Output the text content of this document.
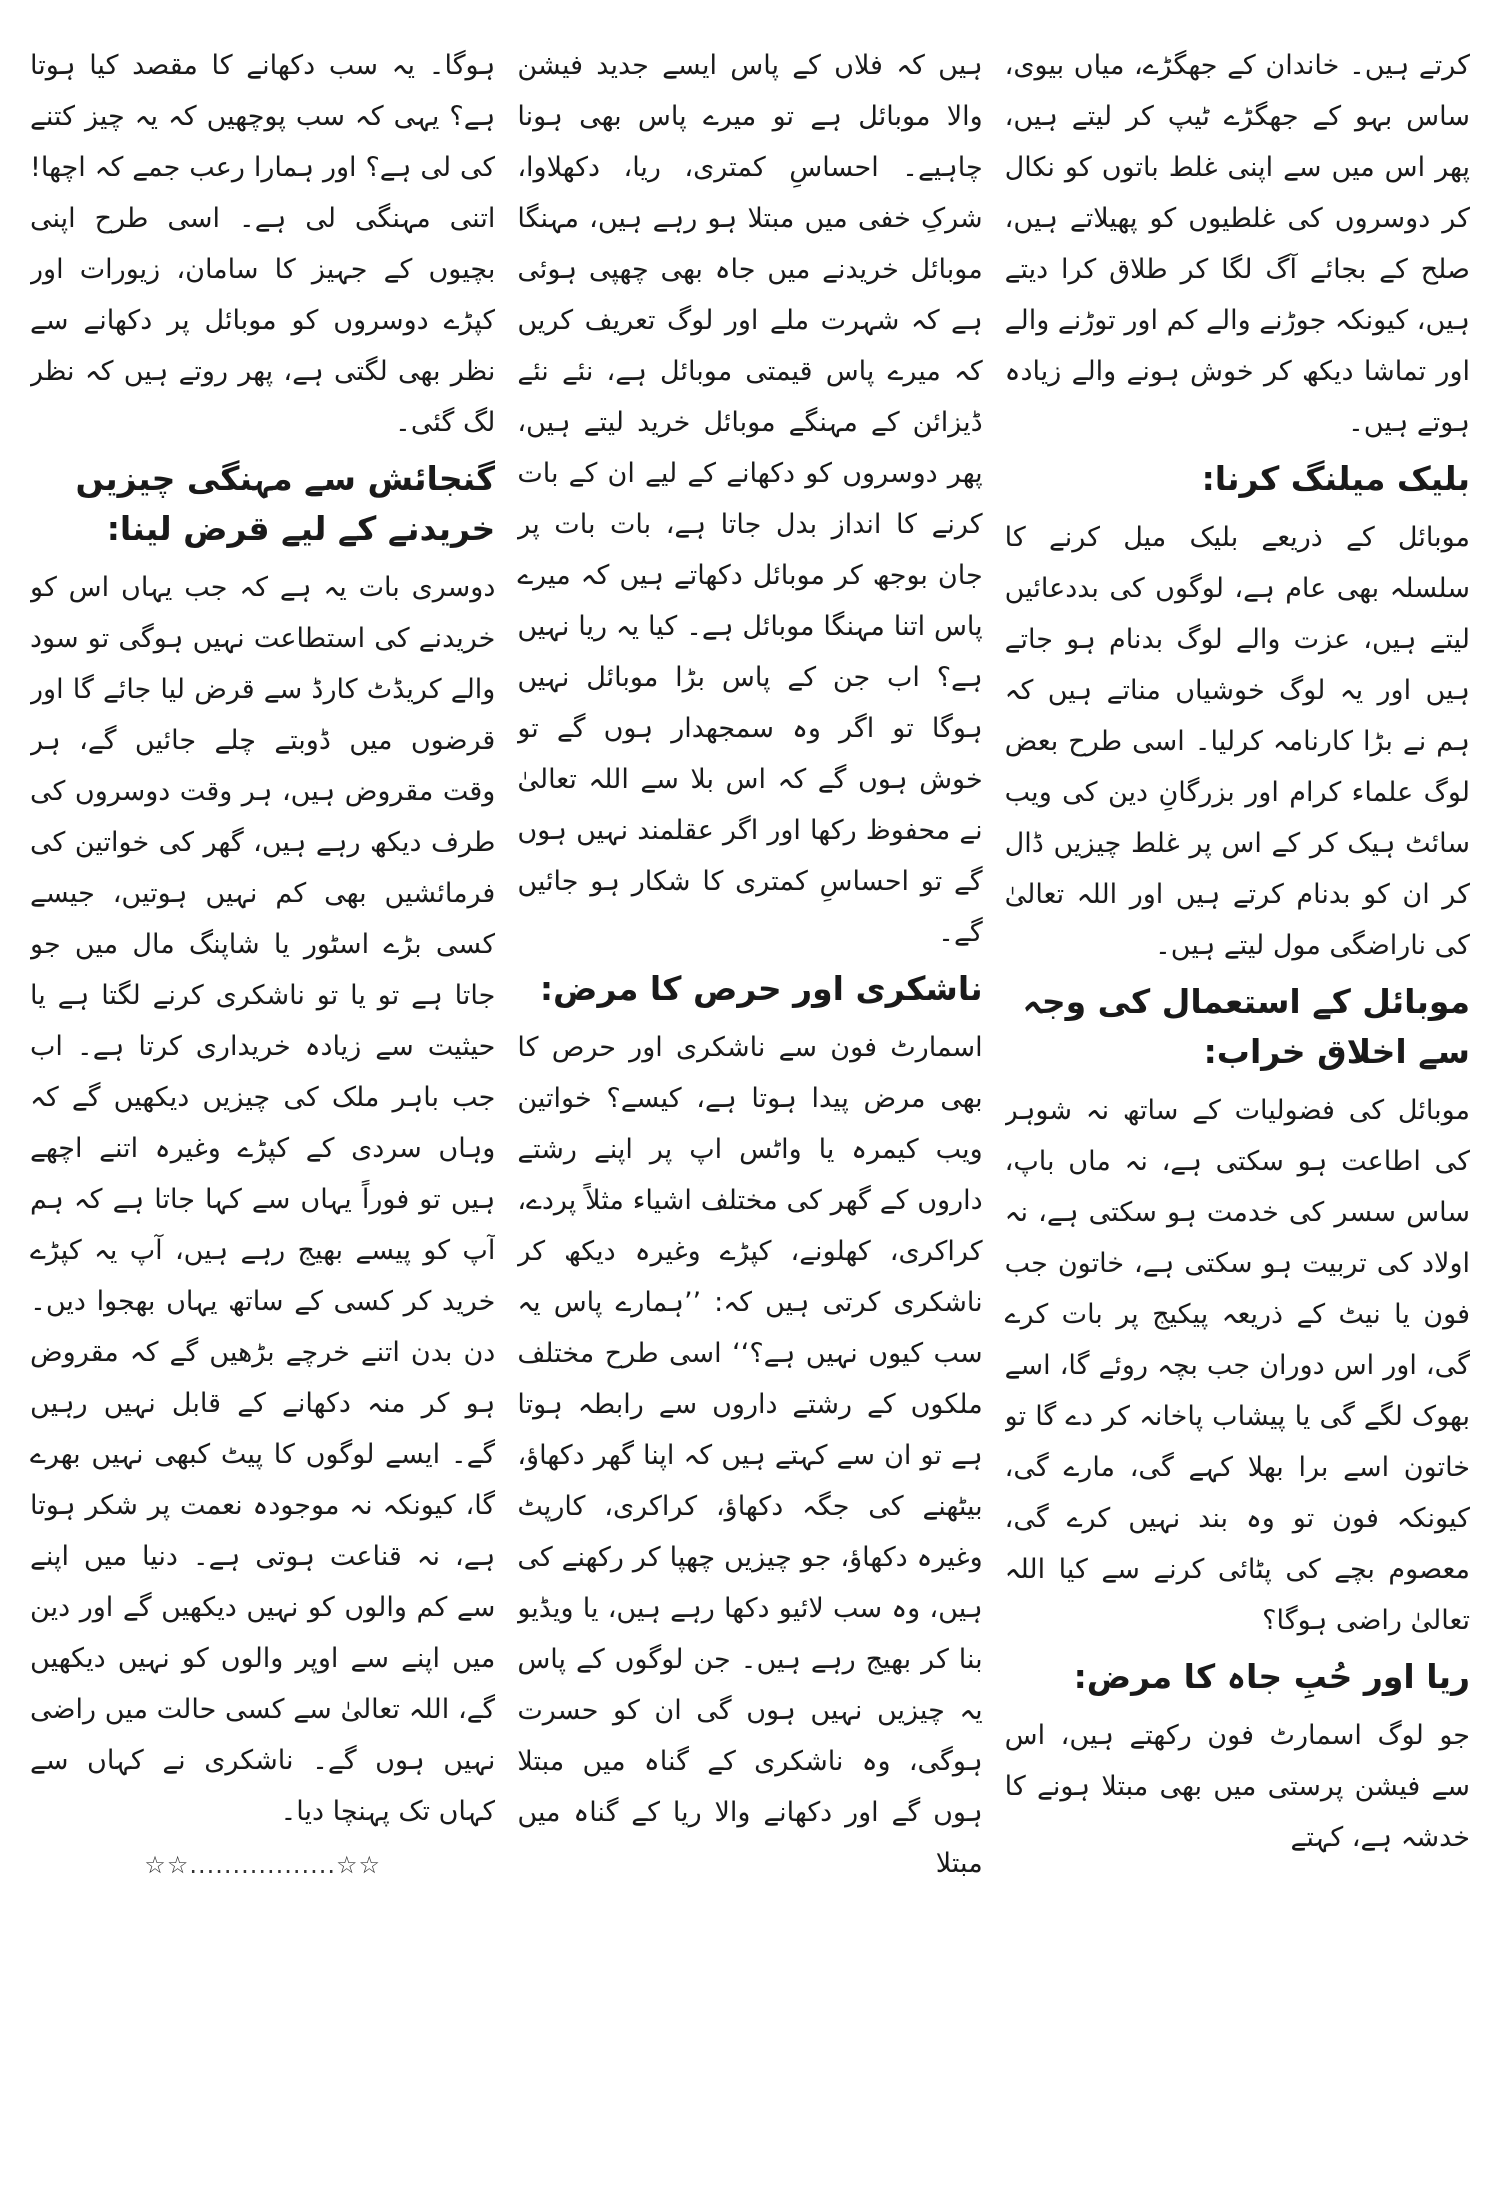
کرتے ہیں۔ خاندان کے جھگڑے، میاں بیوی، ساس بہو کے جھگڑے ٹیپ کر لیتے ہیں، پھر اس میں سے اپنی غلط باتوں کو نکال کر دوسروں کی غلطیوں کو پھیلاتے ہیں، صلح کے بجائے آگ لگا کر طلاق کرا دیتے ہیں، کیونکہ جوڑنے والے کم اور توڑنے والے اور تماشا دیکھ کر خوش ہونے والے زیادہ ہوتے ہیں۔

بلیک میلنگ کرنا:

موبائل کے ذریعے بلیک میل کرنے کا سلسلہ بھی عام ہے، لوگوں کی بددعائیں لیتے ہیں، عزت والے لوگ بدنام ہو جاتے ہیں اور یہ لوگ خوشیاں مناتے ہیں کہ ہم نے بڑا کارنامہ کرلیا۔ اسی طرح بعض لوگ علماء کرام اور بزرگانِ دین کی ویب سائٹ ہیک کر کے اس پر غلط چیزیں ڈال کر ان کو بدنام کرتے ہیں اور اللہ تعالیٰ کی ناراضگی مول لیتے ہیں۔

موبائل کے استعمال کی وجہ سے اخلاق خراب:

موبائل کی فضولیات کے ساتھ نہ شوہر کی اطاعت ہو سکتی ہے، نہ ماں باپ، ساس سسر کی خدمت ہو سکتی ہے، نہ اولاد کی تربیت ہو سکتی ہے، خاتون جب فون یا نیٹ کے ذریعہ پیکیج پر بات کرے گی، اور اس دوران جب بچہ روئے گا، اسے بھوک لگے گی یا پیشاب پاخانہ کر دے گا تو خاتون اسے برا بھلا کہے گی، مارے گی، کیونکہ فون تو وہ بند نہیں کرے گی، معصوم بچے کی پٹائی کرنے سے کیا اللہ تعالیٰ راضی ہوگا؟

ریا اور حُبِ جاہ کا مرض:

جو لوگ اسمارٹ فون رکھتے ہیں، اس سے فیشن پرستی میں بھی مبتلا ہونے کا خدشہ ہے، کہتے

ہیں کہ فلاں کے پاس ایسے جدید فیشن والا موبائل ہے تو میرے پاس بھی ہونا چاہیے۔ احساسِ کمتری، ریا، دکھلاوا، شرکِ خفی میں مبتلا ہو رہے ہیں، مہنگا موبائل خریدنے میں جاہ بھی چھپی ہوئی ہے کہ شہرت ملے اور لوگ تعریف کریں کہ میرے پاس قیمتی موبائل ہے، نئے نئے ڈیزائن کے مہنگے موبائل خرید لیتے ہیں، پھر دوسروں کو دکھانے کے لیے ان کے بات کرنے کا انداز بدل جاتا ہے، بات بات پر جان بوجھ کر موبائل دکھاتے ہیں کہ میرے پاس اتنا مہنگا موبائل ہے۔ کیا یہ ریا نہیں ہے؟ اب جن کے پاس بڑا موبائل نہیں ہوگا تو اگر وہ سمجھدار ہوں گے تو خوش ہوں گے کہ اس بلا سے اللہ تعالیٰ نے محفوظ رکھا اور اگر عقلمند نہیں ہوں گے تو احساسِ کمتری کا شکار ہو جائیں گے۔

ناشکری اور حرص کا مرض:

اسمارٹ فون سے ناشکری اور حرص کا بھی مرض پیدا ہوتا ہے، کیسے؟ خواتین ویب کیمرہ یا واٹس اپ پر اپنے رشتے داروں کے گھر کی مختلف اشیاء مثلاً پردے، کراکری، کھلونے، کپڑے وغیرہ دیکھ کر ناشکری کرتی ہیں کہ: ’’ہمارے پاس یہ سب کیوں نہیں ہے؟‘‘ اسی طرح مختلف ملکوں کے رشتے داروں سے رابطہ ہوتا ہے تو ان سے کہتے ہیں کہ اپنا گھر دکھاؤ، بیٹھنے کی جگہ دکھاؤ، کراکری، کارپٹ وغیرہ دکھاؤ، جو چیزیں چھپا کر رکھنے کی ہیں، وہ سب لائیو دکھا رہے ہیں، یا ویڈیو بنا کر بھیج رہے ہیں۔ جن لوگوں کے پاس یہ چیزیں نہیں ہوں گی ان کو حسرت ہوگی، وہ ناشکری کے گناہ میں مبتلا ہوں گے اور دکھانے والا ریا کے گناہ میں مبتلا

ہوگا۔ یہ سب دکھانے کا مقصد کیا ہوتا ہے؟ یہی کہ سب پوچھیں کہ یہ چیز کتنے کی لی ہے؟ اور ہمارا رعب جمے کہ اچھا! اتنی مہنگی لی ہے۔ اسی طرح اپنی بچیوں کے جہیز کا سامان، زیورات اور کپڑے دوسروں کو موبائل پر دکھانے سے نظر بھی لگتی ہے، پھر روتے ہیں کہ نظر لگ گئی۔

گنجائش سے مہنگی چیزیں خریدنے کے لیے قرض لینا:

دوسری بات یہ ہے کہ جب یہاں اس کو خریدنے کی استطاعت نہیں ہوگی تو سود والے کریڈٹ کارڈ سے قرض لیا جائے گا اور قرضوں میں ڈوبتے چلے جائیں گے، ہر وقت مقروض ہیں، ہر وقت دوسروں کی طرف دیکھ رہے ہیں، گھر کی خواتین کی فرمائشیں بھی کم نہیں ہوتیں، جیسے کسی بڑے اسٹور یا شاپنگ مال میں جو جاتا ہے تو یا تو ناشکری کرنے لگتا ہے یا حیثیت سے زیادہ خریداری کرتا ہے۔ اب جب باہر ملک کی چیزیں دیکھیں گے کہ وہاں سردی کے کپڑے وغیرہ اتنے اچھے ہیں تو فوراً یہاں سے کہا جاتا ہے کہ ہم آپ کو پیسے بھیج رہے ہیں، آپ یہ کپڑے خرید کر کسی کے ساتھ یہاں بھجوا دیں۔ دن بدن اتنے خرچے بڑھیں گے کہ مقروض ہو کر منہ دکھانے کے قابل نہیں رہیں گے۔ ایسے لوگوں کا پیٹ کبھی نہیں بھرے گا، کیونکہ نہ موجودہ نعمت پر شکر ہوتا ہے، نہ قناعت ہوتی ہے۔ دنیا میں اپنے سے کم والوں کو نہیں دیکھیں گے اور دین میں اپنے سے اوپر والوں کو نہیں دیکھیں گے، اللہ تعالیٰ سے کسی حالت میں راضی نہیں ہوں گے۔ ناشکری نے کہاں سے کہاں تک پہنچا دیا۔

☆☆.................☆☆
